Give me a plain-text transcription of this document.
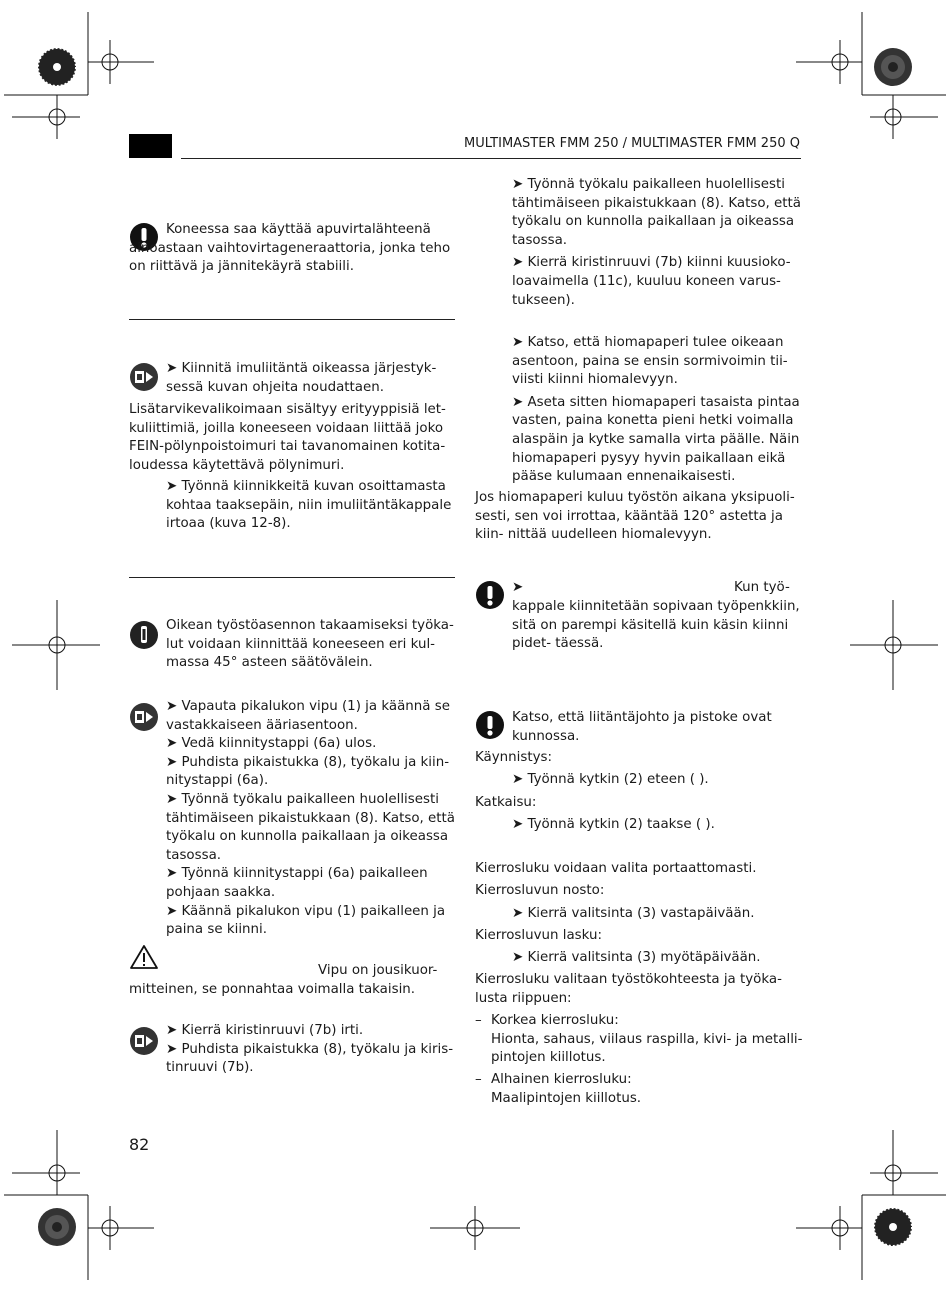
MULTIMASTER FMM 250 / MULTIMASTER FMM 250 Q

Koneessa saa käyttää apuvirtalähteenä ainoastaan vaihtovirtageneraattoria, jonka teho on riittävä ja jännitekäyrä stabiili.

➤ Kiinnitä imuliitäntä oikeassa järjestyk- sessä kuvan ohjeita noudattaen.

Lisätarvikevalikoimaan sisältyy erityyppisiä let- kuliittimiä, joilla koneeseen voidaan liittää joko FEIN-pölynpoistoimuri tai tavanomainen kotita- loudessa käytettävä pölynimuri.

➤ Työnnä kiinnikkeitä kuvan osoittamasta kohtaa taaksepäin, niin imuliitäntäkappale irtoaa (kuva 12-8).

Oikean työstöasennon takaamiseksi työka- lut voidaan kiinnittää koneeseen eri kul- massa 45° asteen säätövälein.

➤ Vapauta pikalukon vipu (1) ja käännä se vastakkaiseen ääriasentoon.
➤ Vedä kiinnitystappi (6a) ulos.
➤ Puhdista pikaistukka (8), työkalu ja kiin- nitystappi (6a).
➤ Työnnä työkalu paikalleen huolellisesti tähtimäiseen pikaistukkaan (8). Katso, että työkalu on kunnolla paikallaan ja oikeassa tasossa.
➤ Työnnä kiinnitystappi (6a) paikalleen pohjaan saakka.
➤ Käännä pikalukon vipu (1) paikalleen ja paina se kiinni.

Vipu on jousikuor-

mitteinen, se ponnahtaa voimalla takaisin.

➤ Kierrä kiristinruuvi (7b) irti.
➤ Puhdista pikaistukka (8), työkalu ja kiris- tinruuvi (7b).
82
➤ Työnnä työkalu paikalleen huolellisesti tähtimäiseen pikaistukkaan (8). Katso, että työkalu on kunnolla paikallaan ja oikeassa tasossa.
➤ Kierrä kiristinruuvi (7b) kiinni kuusioko- loavaimella (11c), kuuluu koneen varus- tukseen).
➤ Katso, että hiomapaperi tulee oikeaan asentoon, paina se ensin sormivoimin tii- viisti kiinni hiomalevyyn.
➤ Aseta sitten hiomapaperi tasaista pintaa vasten, paina konetta pieni hetki voimalla alaspäin ja kytke samalla virta päälle. Näin hiomapaperi pysyy hyvin paikallaan eikä pääse kulumaan ennenaikaisesti.

Jos hiomapaperi kuluu työstön aikana yksipuoli- sesti, sen voi irrottaa, kääntää 120° astetta ja kiin- nittää uudelleen hiomalevyyn.

➤	Kun työ-

kappale kiinnitetään sopivaan työpenkkiin, sitä on parempi käsitellä kuin käsin kiinni pidet- täessä.

Katso, että liitäntäjohto ja pistoke ovat kunnossa.

Käynnistys:

➤ Työnnä kytkin (2) eteen ( ).

Katkaisu:

➤ Työnnä kytkin (2) taakse ( ).

Kierrosluku voidaan valita portaattomasti.

Kierrosluvun nosto:

➤ Kierrä valitsinta (3) vastapäivään.

Kierrosluvun lasku:

➤ Kierrä valitsinta (3) myötäpäivään.

Kierrosluku valitaan työstökohteesta ja työka- lusta riippuen:

– Korkea kierrosluku:
Hionta, sahaus, viilaus raspilla, kivi- ja metalli- pintojen kiillotus.
– Alhainen kierrosluku:
Maalipintojen kiillotus.
